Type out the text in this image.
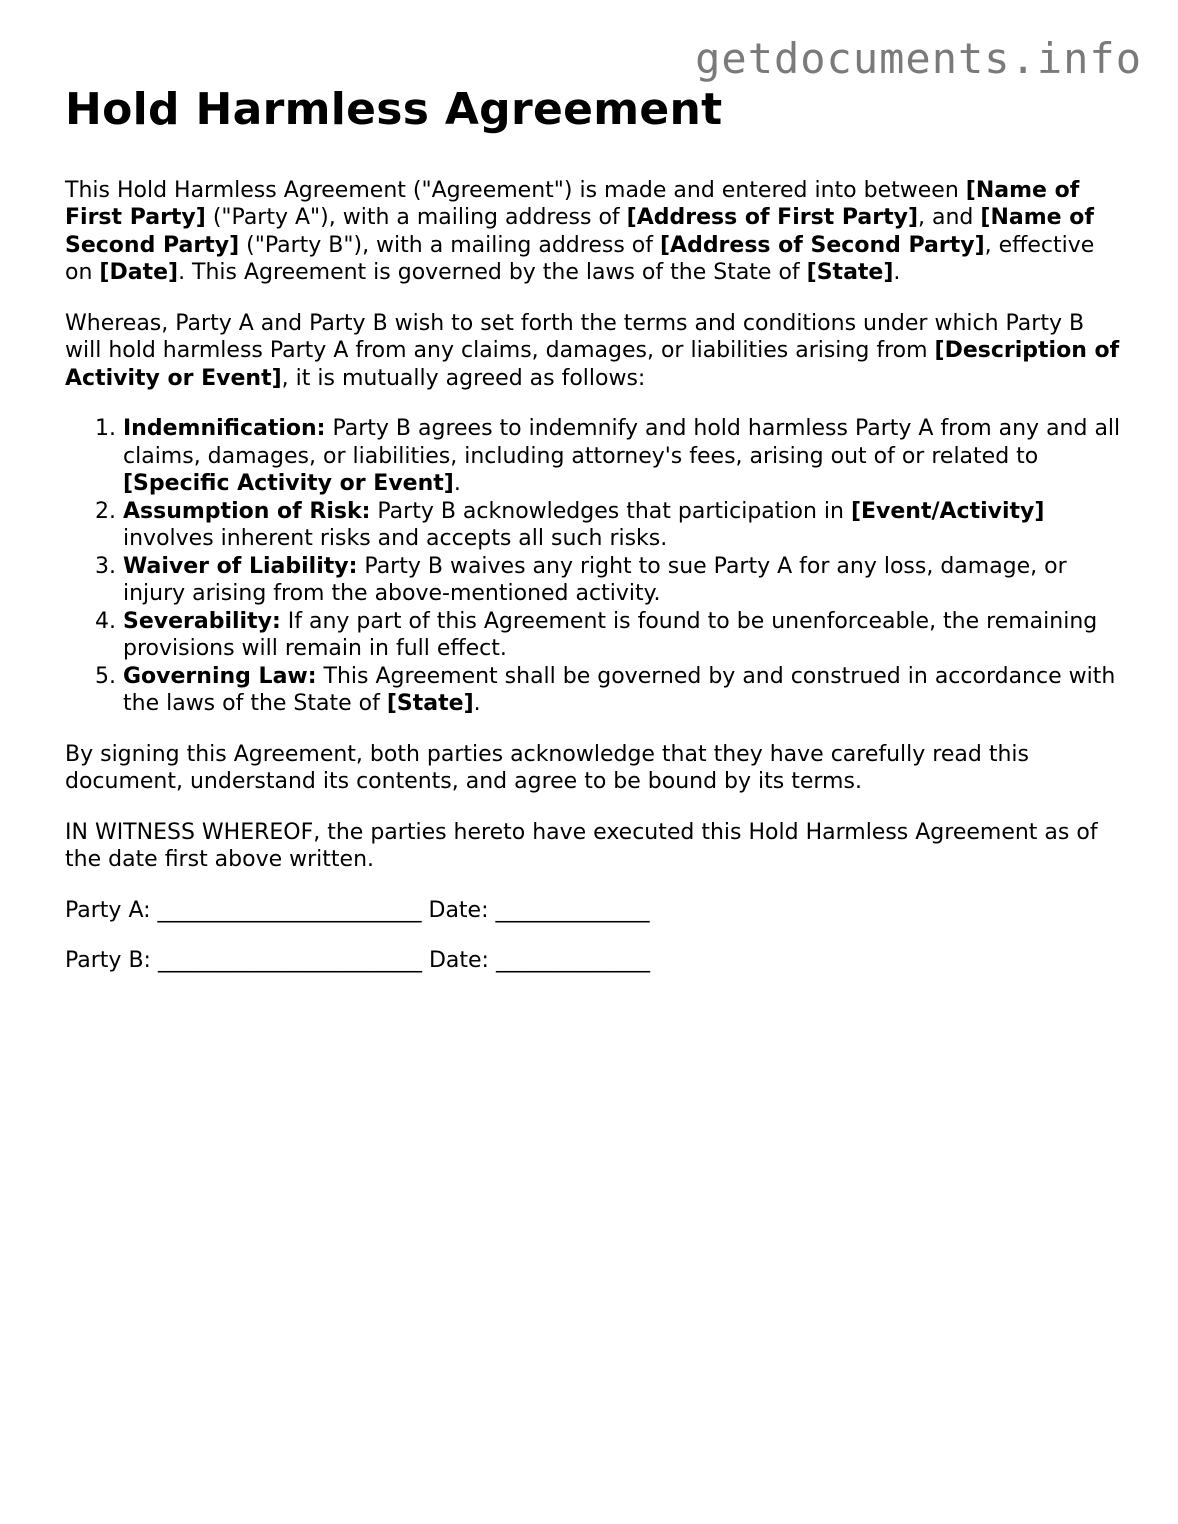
getdocuments.info
Hold Harmless Agreement

This Hold Harmless Agreement ("Agreement") is made and entered into between [Name of First Party] ("Party A"), with a mailing address of [Address of First Party], and [Name of Second Party] ("Party B"), with a mailing address of [Address of Second Party], effective on [Date]. This Agreement is governed by the laws of the State of [State].

Whereas, Party A and Party B wish to set forth the terms and conditions under which Party B will hold harmless Party A from any claims, damages, or liabilities arising from [Description of Activity or Event], it is mutually agreed as follows:

1. Indemnification: Party B agrees to indemnify and hold harmless Party A from any and all claims, damages, or liabilities, including attorney's fees, arising out of or related to [Specific Activity or Event].
2. Assumption of Risk: Party B acknowledges that participation in [Event/Activity] involves inherent risks and accepts all such risks.
3. Waiver of Liability: Party B waives any right to sue Party A for any loss, damage, or injury arising from the above-mentioned activity.
4. Severability: If any part of this Agreement is found to be unenforceable, the remaining provisions will remain in full effect.
5. Governing Law: This Agreement shall be governed by and construed in accordance with the laws of the State of [State].

By signing this Agreement, both parties acknowledge that they have carefully read this document, understand its contents, and agree to be bound by its terms.

IN WITNESS WHEREOF, the parties hereto have executed this Hold Harmless Agreement as of the date first above written.

Party A: ________________________ Date: ______________
Party B: ________________________ Date: ______________
